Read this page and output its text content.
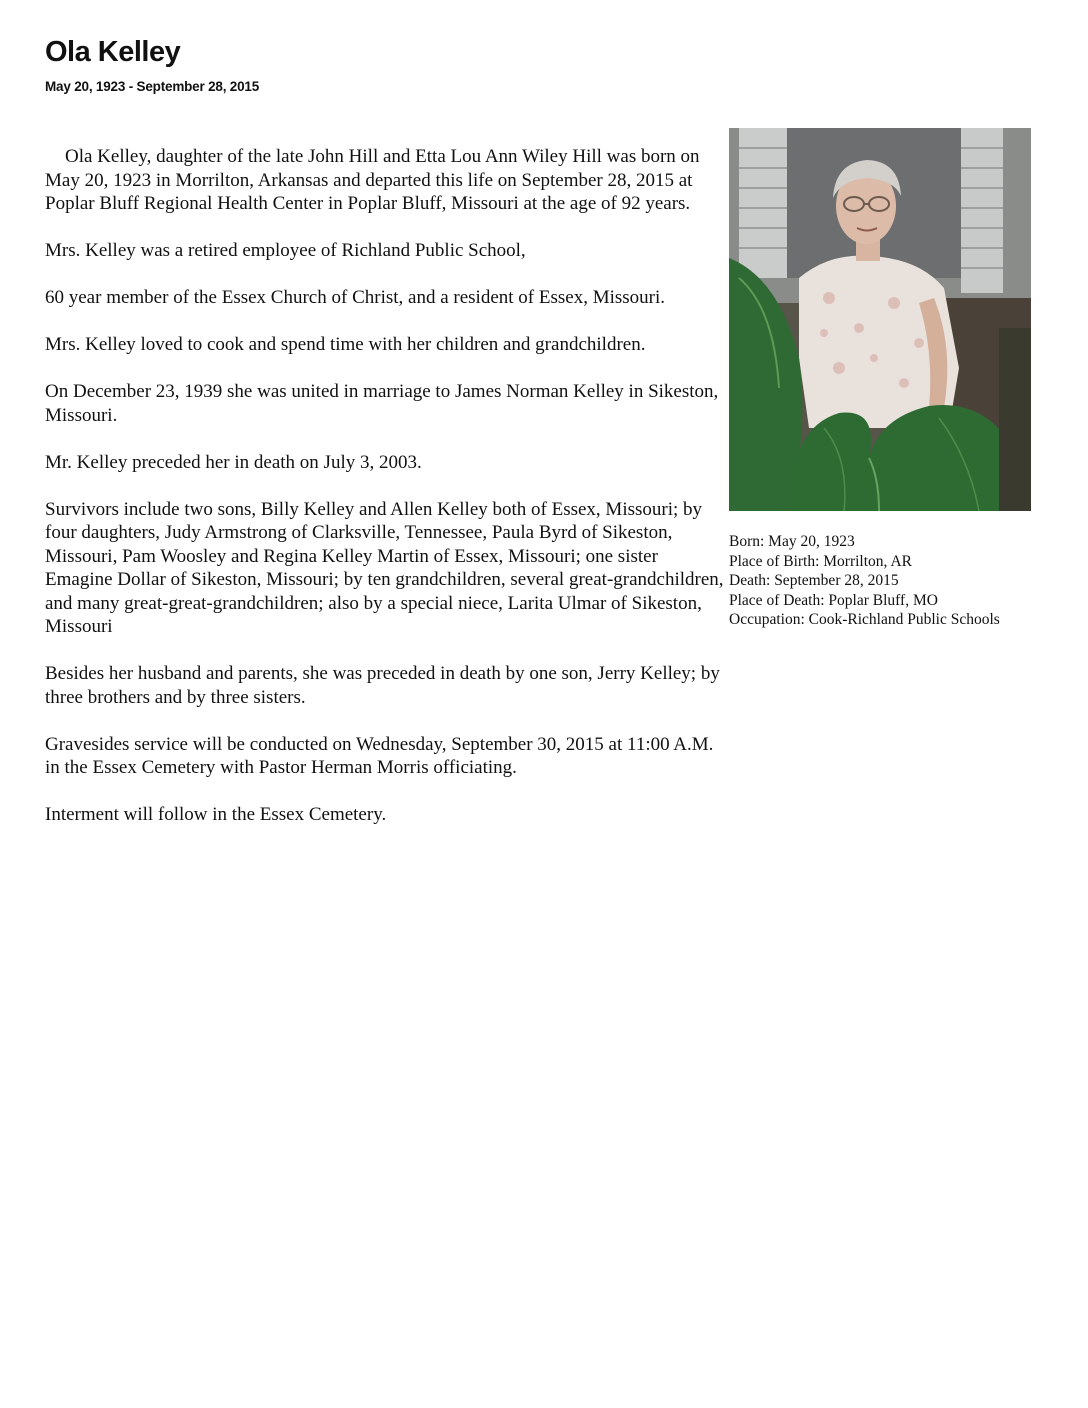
Ola Kelley
May 20, 1923 - September 28, 2015

Ola Kelley, daughter of the late John Hill and Etta Lou Ann Wiley Hill was born on May 20, 1923 in Morrilton, Arkansas and departed this life on September 28, 2015 at Poplar Bluff Regional Health Center in Poplar Bluff, Missouri at the age of 92 years.

Mrs. Kelley was a retired employee of Richland Public School,

60 year member of the Essex Church of Christ, and a resident of Essex, Missouri.

Mrs. Kelley loved to cook and spend time with her children and grandchildren.

On December 23, 1939 she was united in marriage to James Norman Kelley in Sikeston, Missouri.

Mr. Kelley preceded her in death on July 3, 2003.

Survivors include two sons, Billy Kelley and Allen Kelley both of Essex, Missouri; by four daughters, Judy Armstrong of Clarksville, Tennessee, Paula Byrd of Sikeston, Missouri, Pam Woosley and Regina Kelley Martin of Essex, Missouri; one sister Emagine Dollar of Sikeston, Missouri; by ten grandchildren, several great-grandchildren, and many great-great-grandchildren; also by a special niece, Larita Ulmar of Sikeston, Missouri

Besides her husband and parents, she was preceded in death by one son, Jerry Kelley; by three brothers and by three sisters.

Gravesides service will be conducted on Wednesday, September 30, 2015 at 11:00 A.M. in the Essex Cemetery with Pastor Herman Morris officiating.

Interment will follow in the Essex Cemetery.

Born: May 20, 1923
Place of Birth: Morrilton, AR
Death: September 28, 2015
Place of Death: Poplar Bluff, MO
Occupation: Cook-Richland Public Schools
